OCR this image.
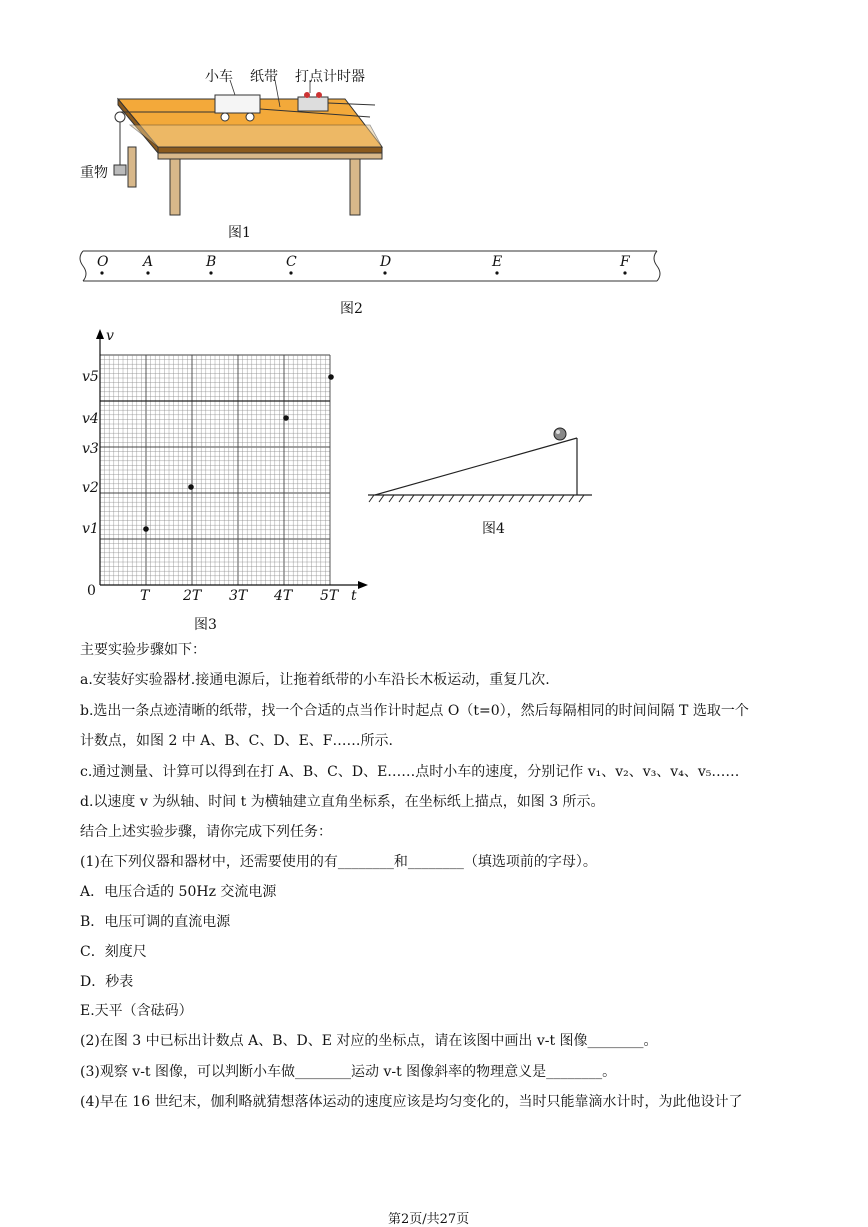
小车 纸带 打点计时器
重物
图1
O A	B	C	D	E	F
图2
v
t
0
v5
v4
v3
v2
v1
T 2T 3T 4T 5T
图3
图4
主要实验步骤如下：
a.安装好实验器材.接通电源后，让拖着纸带的小车沿长木板运动，重复几次.
b.选出一条点迹清晰的纸带，找一个合适的点当作计时起点 O（t=0），然后每隔相同的时间间隔 T 选取一个
计数点，如图 2 中 A、B、C、D、E、F……所示.
c.通过测量、计算可以得到在打 A、B、C、D、E……点时小车的速度，分别记作 v₁、v₂、v₃、v₄、v₅……
d.以速度 v 为纵轴、时间 t 为横轴建立直角坐标系，在坐标纸上描点，如图 3 所示。
结合上述实验步骤，请你完成下列任务：
(1)在下列仪器和器材中，还需要使用的有________和________（填选项前的字母）。
A．电压合适的 50Hz 交流电源
B．电压可调的直流电源
C．刻度尺
D．秒表
E.天平（含砝码）
(2)在图 3 中已标出计数点 A、B、D、E 对应的坐标点，请在该图中画出 v-t 图像________。
(3)观察 v-t 图像，可以判断小车做________运动 v-t 图像斜率的物理意义是________。
(4)早在 16 世纪末，伽利略就猜想落体运动的速度应该是均匀变化的，当时只能靠滴水计时，为此他设计了
第2页/共27页
